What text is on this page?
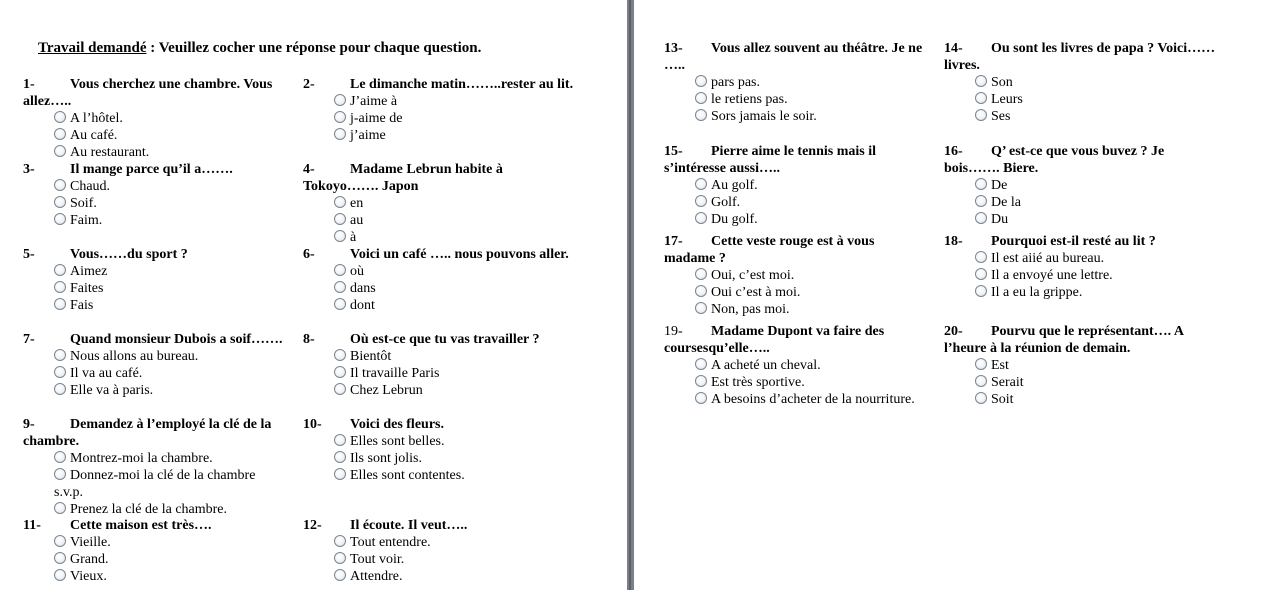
Travail demandé : Veuillez cocher une réponse pour chaque question.
1-	Vous cherchez une chambre. Vous allez…..
A l’hôtel.
Au café.
Au restaurant.
2-	Le dimanche matin……..rester au lit.
J’aime à
j-aime de
j’aime
3-	Il mange parce qu’il a…….
Chaud.
Soif.
Faim.
4-	Madame Lebrun habite à Tokoyo……. Japon
en
au
à
5-	Vous……du sport ?
Aimez
Faites
Fais
6-	Voici un café ….. nous pouvons aller.
où
dans
dont
7-	Quand monsieur Dubois a soif…….
Nous allons au bureau.
Il va au café.
Elle va à paris.
8-	Où est-ce que tu vas travailler ?
Bientôt
Il travaille Paris
Chez Lebrun
9-	Demandez à l’employé la clé de la chambre.
Montrez-moi la chambre.
Donnez-moi la clé de la chambre s.v.p.
Prenez la clé de la chambre.
10- Voici des fleurs.
Elles sont belles.
Ils sont jolis.
Elles sont contentes.
11- Cette maison est très….
Vieille.
Grand.
Vieux.
12- Il écoute. Il veut…..
Tout entendre.
Tout voir.
Attendre.
13- Vous allez souvent au théâtre. Je ne …..
pars pas.
le retiens pas.
Sors jamais le soir.
14- Ou sont les livres de papa ? Voici……livres.
Son
Leurs
Ses
15- Pierre aime le tennis mais il s’intéresse aussi…..
Au golf.
Golf.
Du golf.
16- Q’ est-ce que vous buvez ? Je bois……. Biere.
De
De la
Du
17- Cette veste rouge est à vous madame ?
Oui, c’est moi.
Oui c’est à moi.
Non, pas moi.
18- Pourquoi est-il resté au lit ?
Il est aiié au bureau.
Il a envoyé une lettre.
Il a eu la grippe.
19- Madame Dupont va faire des coursesqu’elle…..
A acheté un cheval.
Est très sportive.
A besoins d’acheter de la nourriture.
20- Pourvu que le représentant…. A l’heure à la réunion de demain.
Est
Serait
Soit
